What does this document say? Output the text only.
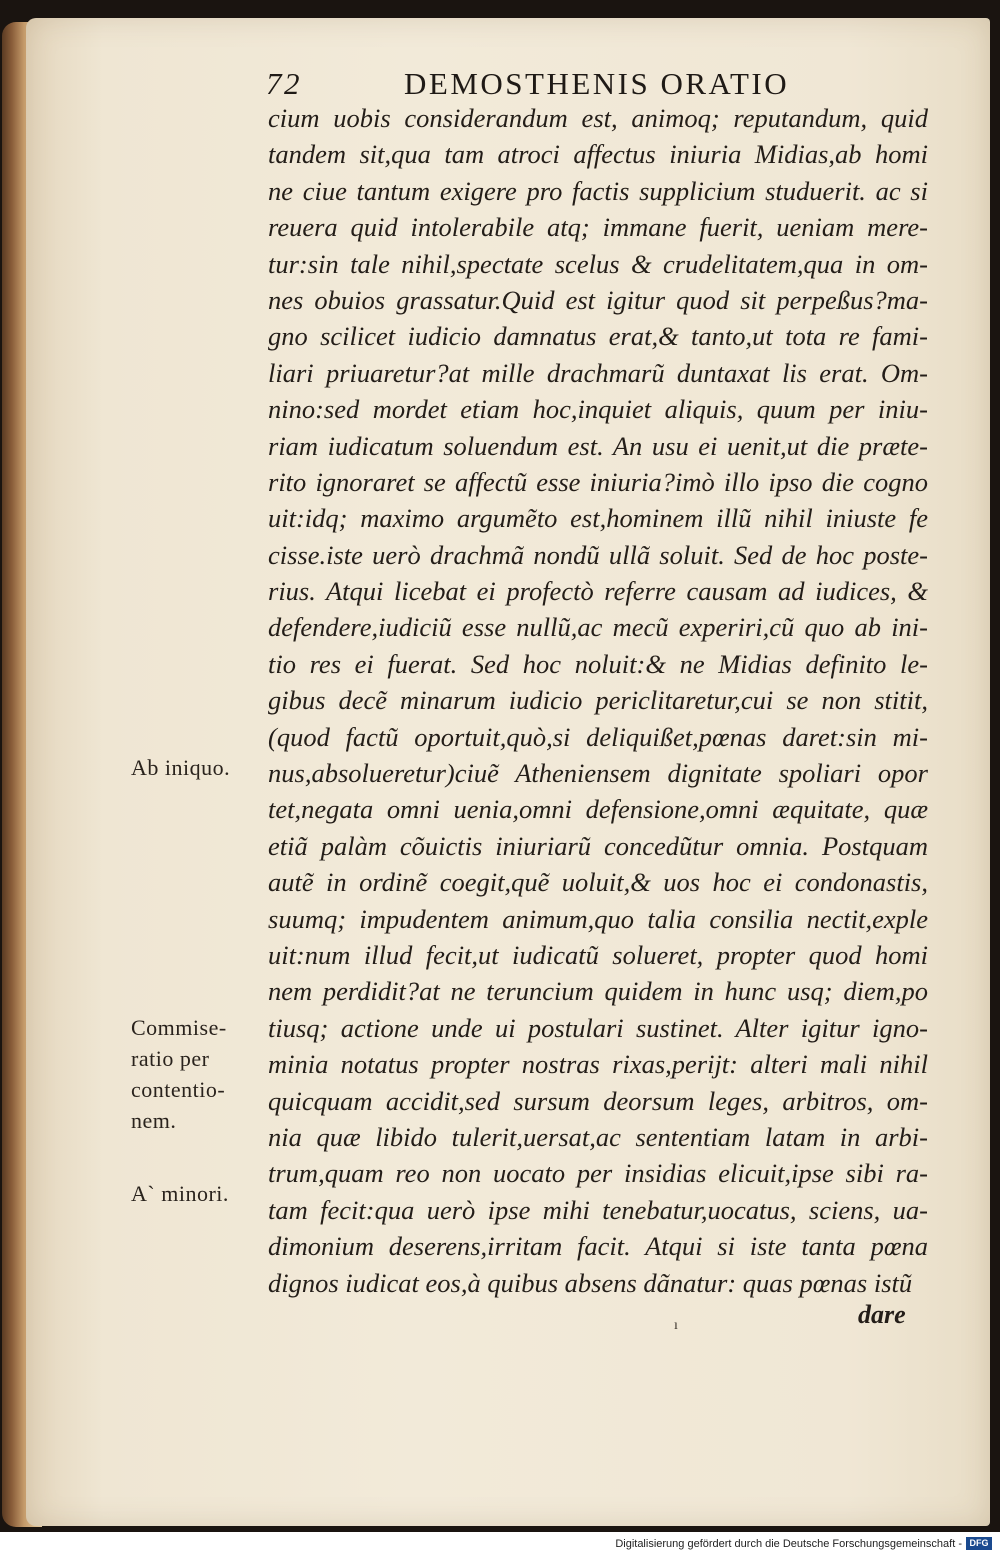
72	DEMOSTHENIS ORATIO
cium uobis considerandum est, animoq; reputandum, quid
tandem sit,qua tam atroci affectus iniuria Midias,ab homi
ne ciue tantum exigere pro factis supplicium studuerit. ac si
reuera quid intolerabile atq; immane fuerit, ueniam mere-
tur:sin tale nihil,spectate scelus & crudelitatem,qua in om-
nes obuios grassatur.Quid est igitur quod sit perpeßus?ma-
gno scilicet iudicio damnatus erat,& tanto,ut tota re fami-
liari priuaretur?at mille drachmarũ duntaxat lis erat. Om-
nino:sed mordet etiam hoc,inquiet aliquis, quum per iniu-
riam iudicatum soluendum est. An usu ei uenit,ut die præte-
rito ignoraret se affectũ esse iniuria?imò illo ipso die cogno
uit:idq; maximo argumẽto est,hominem illũ nihil iniuste fe
cisse.iste uerò drachmã nondũ ullã soluit. Sed de hoc poste-
rius. Atqui licebat ei profectò referre causam ad iudices, &
defendere,iudiciũ esse nullũ,ac mecũ experiri,cũ quo ab ini-
tio res ei fuerat. Sed hoc noluit:& ne Midias definito le-
gibus decẽ minarum iudicio periclitaretur,cui se non stitit,
(quod factũ oportuit,quò,si deliquißet,pœnas daret:sin mi-
nus,absolueretur)ciuẽ Atheniensem dignitate spoliari opor
tet,negata omni uenia,omni defensione,omni æquitate, quæ
etiã palàm cõuictis iniuriarũ concedũtur omnia. Postquam
autẽ in ordinẽ coegit,quẽ uoluit,& uos hoc ei condonastis,
suumq; impudentem animum,quo talia consilia nectit,exple
uit:num illud fecit,ut iudicatũ solueret, propter quod homi
nem perdidit?at ne teruncium quidem in hunc usq; diem,po
tiusq; actione unde ui postulari sustinet. Alter igitur igno-
minia notatus propter nostras rixas,perijt: alteri mali nihil
quicquam accidit,sed sursum deorsum leges, arbitros, om-
nia quæ libido tulerit,uersat,ac sententiam latam in arbi-
trum,quam reo non uocato per insidias elicuit,ipse sibi ra-
tam fecit:qua uerò ipse mihi tenebatur,uocatus, sciens, ua-
dimonium deserens,irritam facit. Atqui si iste tanta pœna
dignos iudicat eos,à quibus absens dãnatur: quas pœnas istũ
Ab iniquo.
Commise-
ratio per
contentio-
nem.
A` minori.
dare
ı
Digitalisierung gefördert durch die Deutsche Forschungsgemeinschaft - DFG
